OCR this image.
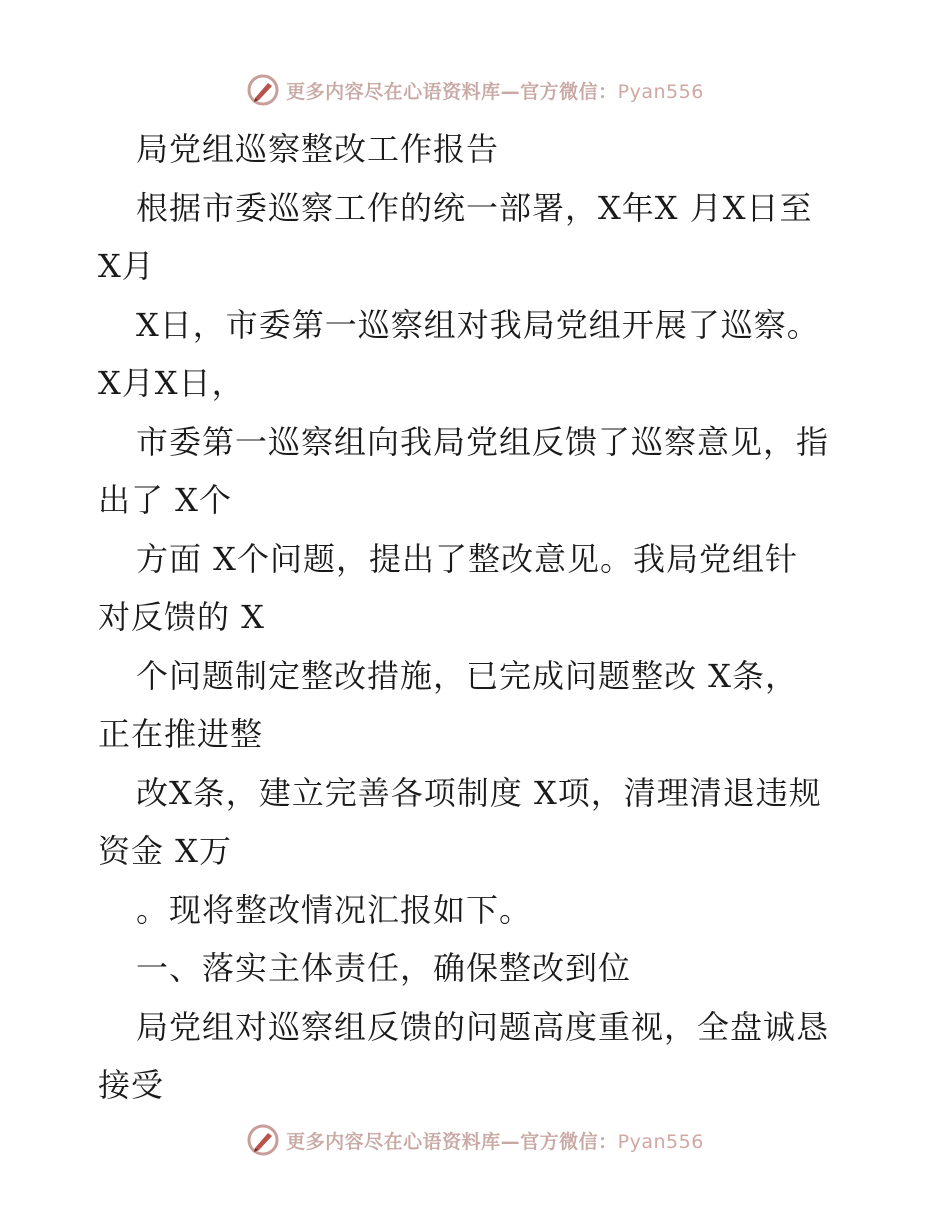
更多内容尽在心语资料库—官方微信：Pyan556
局党组巡察整改工作报告
根据市委巡察工作的统一部署，X年X 月X日至
X月
X日，市委第一巡察组对我局党组开展了巡察。
X月X日，
市委第一巡察组向我局党组反馈了巡察意见，指
出了 X个
方面 X个问题，提出了整改意见。我局党组针
对反馈的 X
个问题制定整改措施，已完成问题整改 X条，
正在推进整
改X条，建立完善各项制度 X项，清理清退违规
资金 X万
。现将整改情况汇报如下。
一、落实主体责任，确保整改到位
局党组对巡察组反馈的问题高度重视，全盘诚恳
接受
更多内容尽在心语资料库—官方微信：Pyan556
